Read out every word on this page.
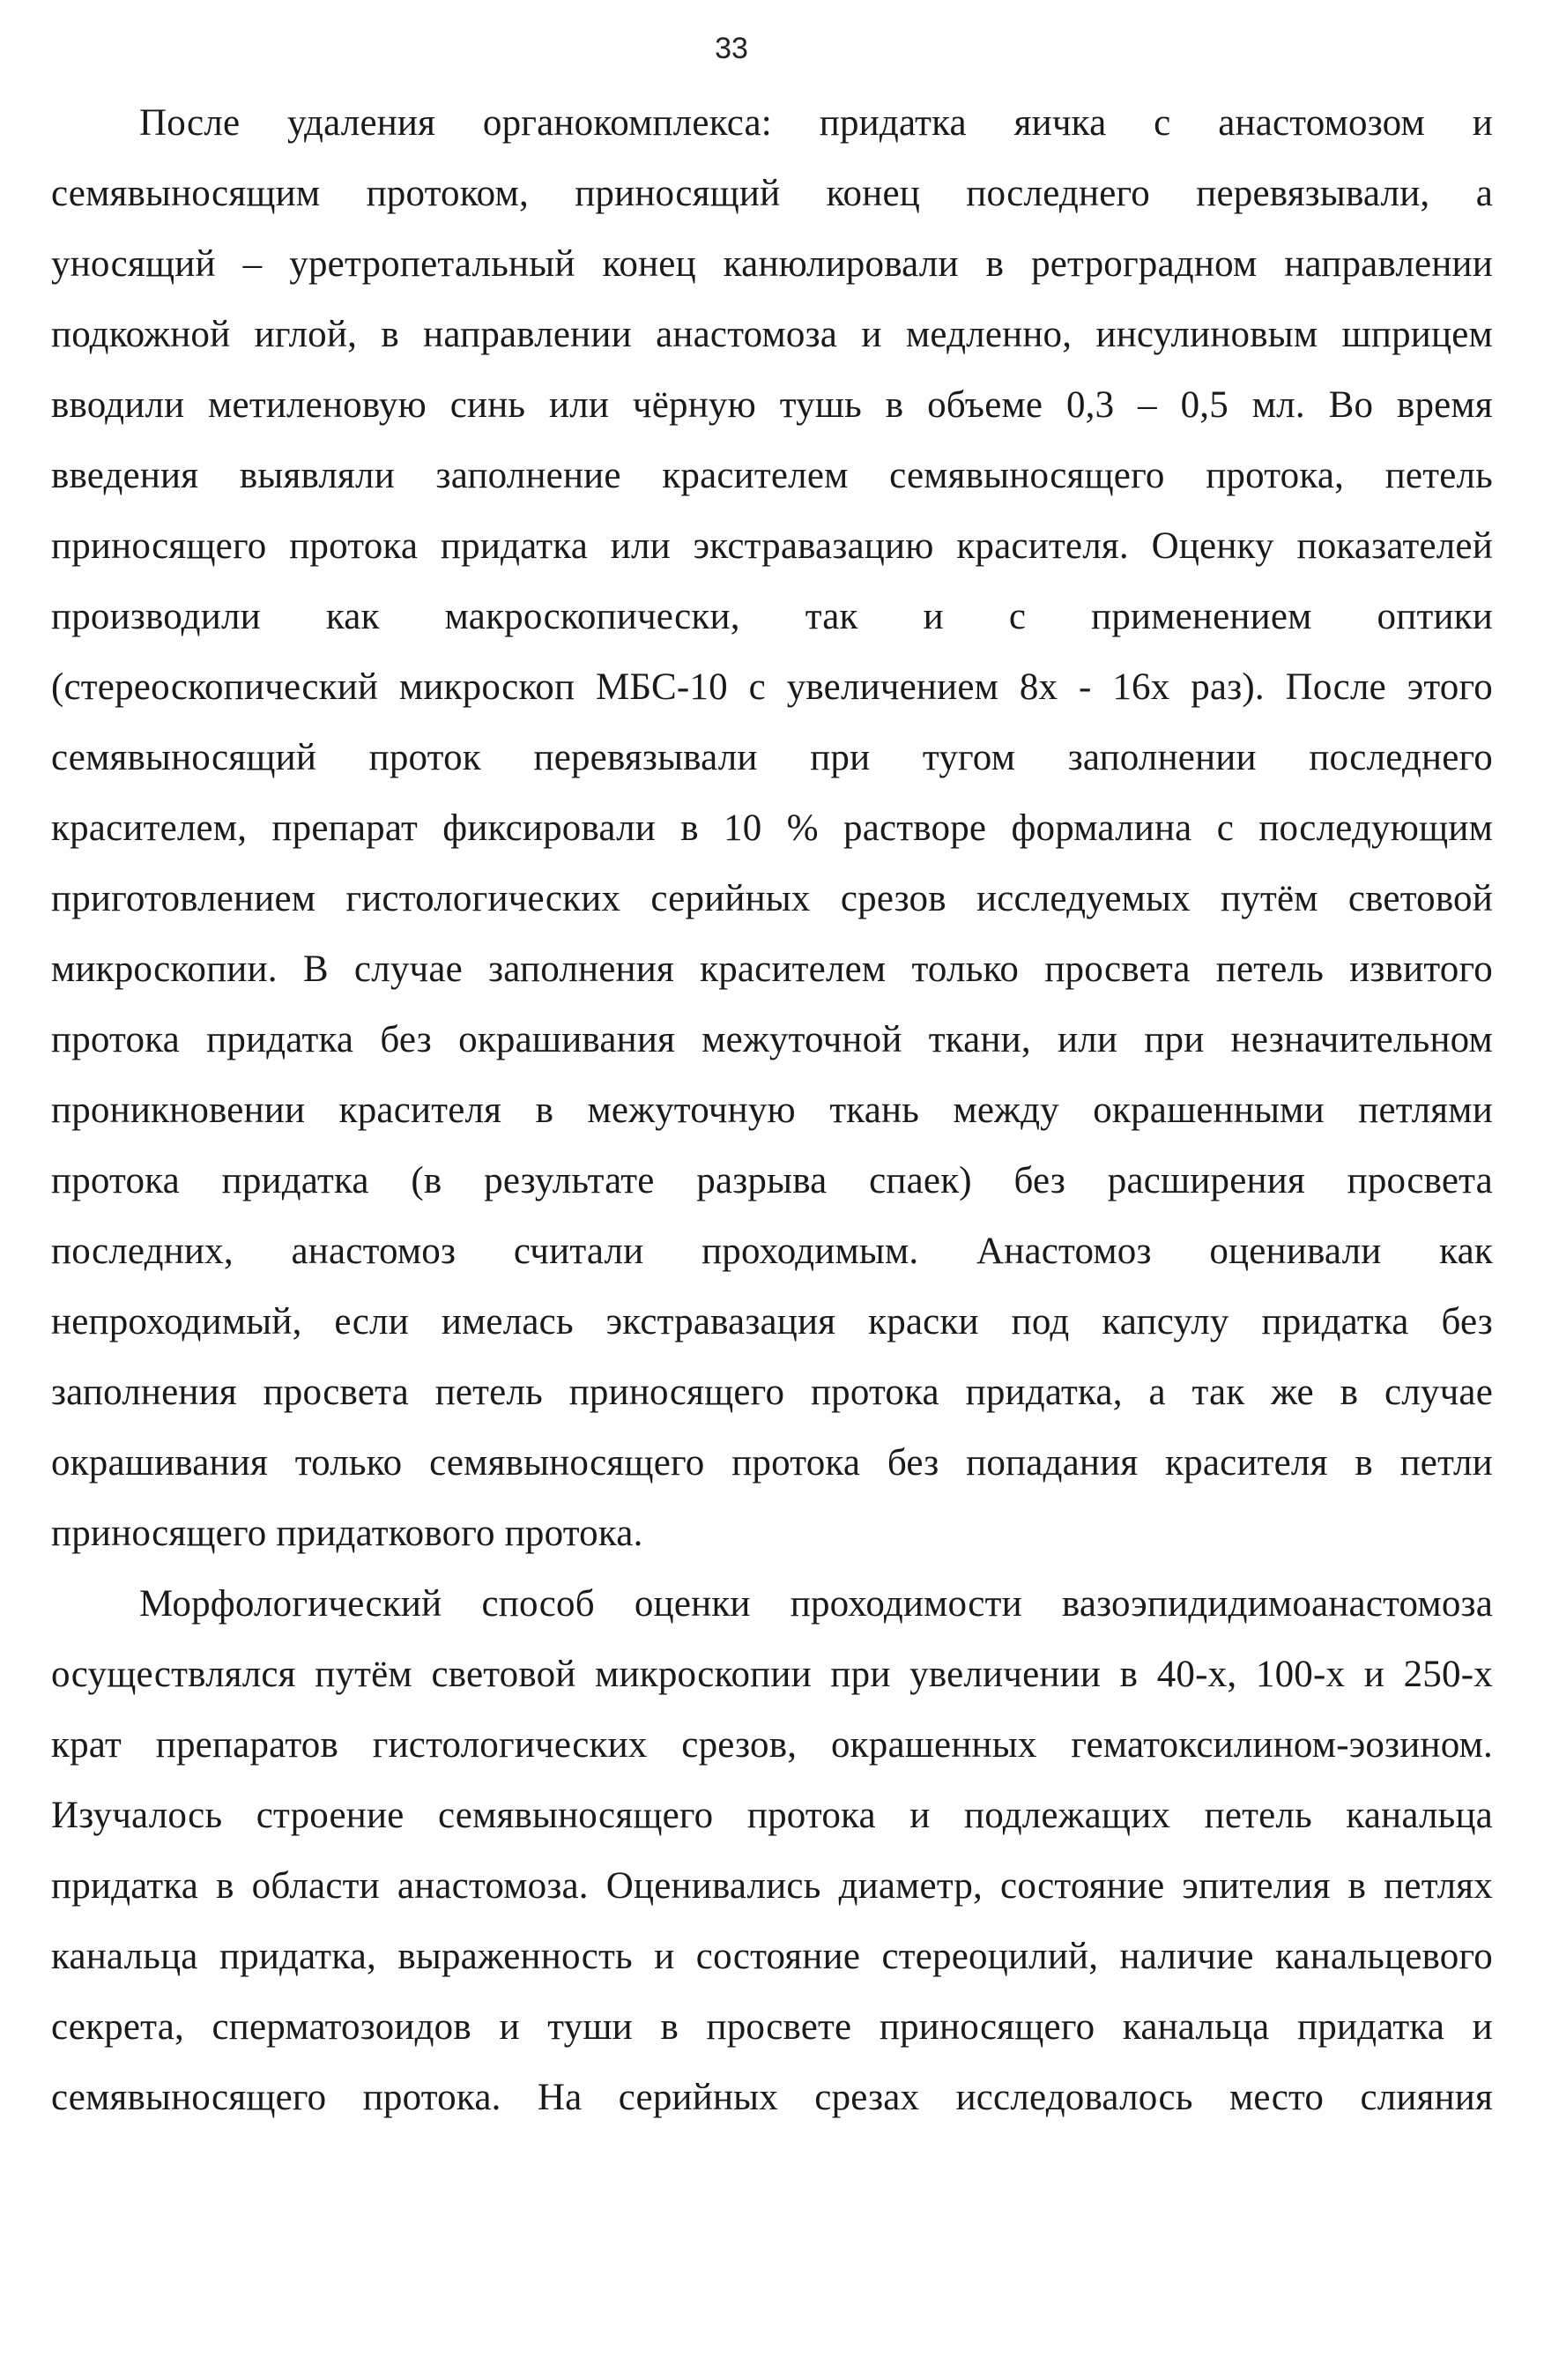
33
После удаления органокомплекса: придатка яичка с анастомозом и
семявыносящим протоком, приносящий конец последнего перевязывали, а
уносящий – уретропетальный конец канюлировали в ретроградном направлении
подкожной иглой, в направлении анастомоза и медленно, инсулиновым шприцем
вводили метиленовую синь или чёрную тушь в объеме 0,3 – 0,5 мл. Во время
введения выявляли заполнение красителем семявыносящего протока, петель
приносящего протока придатка или экстравазацию красителя. Оценку показателей
производили как макроскопически, так и с применением оптики
(стереоскопический микроскоп МБС-10 с увеличением 8х - 16х раз). После этого
семявыносящий проток перевязывали при тугом заполнении последнего
красителем, препарат фиксировали в 10 % растворе формалина с последующим
приготовлением гистологических серийных срезов исследуемых путём световой
микроскопии. В случае заполнения красителем только просвета петель извитого
протока придатка без окрашивания межуточной ткани, или при незначительном
проникновении красителя в межуточную ткань между окрашенными петлями
протока придатка (в результате разрыва спаек) без расширения просвета
последних, анастомоз считали проходимым. Анастомоз оценивали как
непроходимый, если имелась экстравазация краски под капсулу придатка без
заполнения просвета петель приносящего протока придатка, а так же в случае
окрашивания только семявыносящего протока без попадания красителя в петли
приносящего придаткового протока.
Морфологический способ оценки проходимости вазоэпидидимоанастомоза
осуществлялся путём световой микроскопии при увеличении в 40-х, 100-х и 250-х
крат препаратов гистологических срезов, окрашенных гематоксилином-эозином.
Изучалось строение семявыносящего протока и подлежащих петель канальца
придатка в области анастомоза. Оценивались диаметр, состояние эпителия в петлях
канальца придатка, выраженность и состояние стереоцилий, наличие канальцевого
секрета, сперматозоидов и туши в просвете приносящего канальца придатка и
семявыносящего протока. На серийных срезах исследовалось место слияния
